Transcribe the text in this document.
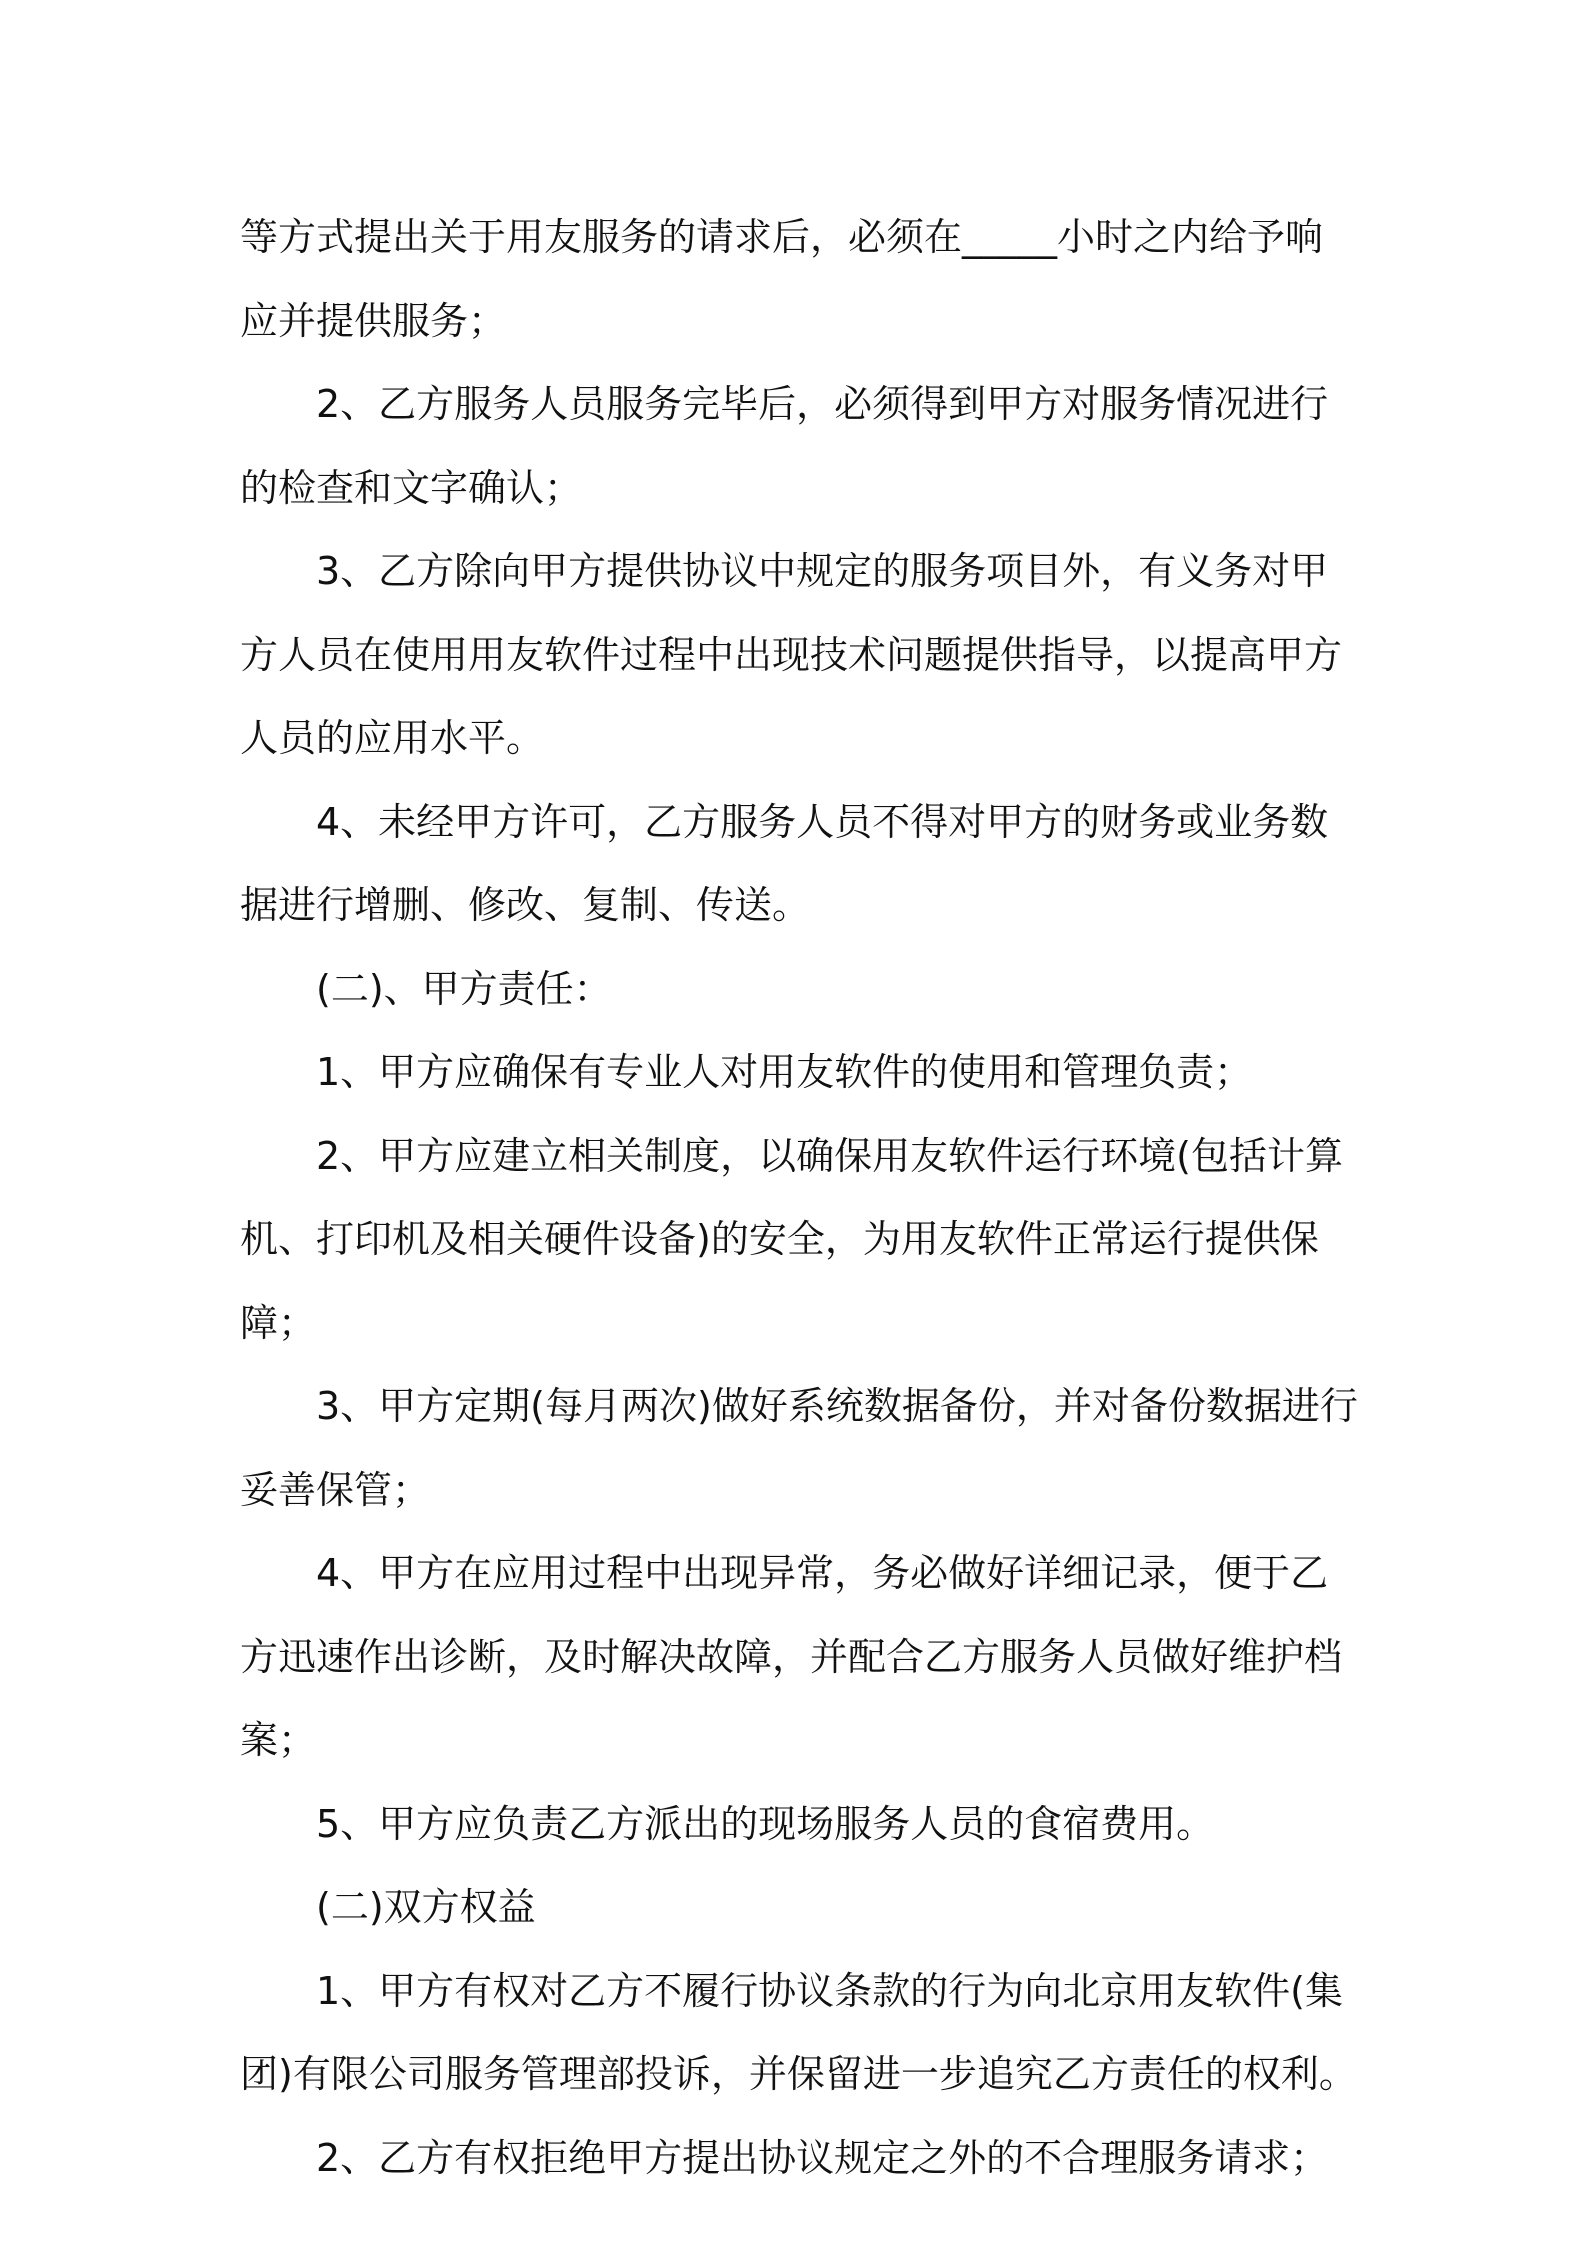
等方式提出关于用友服务的请求后，必须在_____小时之内给予响应并提供服务；

2、乙方服务人员服务完毕后，必须得到甲方对服务情况进行的检查和文字确认；

3、乙方除向甲方提供协议中规定的服务项目外，有义务对甲方人员在使用用友软件过程中出现技术问题提供指导，以提高甲方人员的应用水平。

4、未经甲方许可，乙方服务人员不得对甲方的财务或业务数据进行增删、修改、复制、传送。

(二)、甲方责任：

1、甲方应确保有专业人对用友软件的使用和管理负责；

2、甲方应建立相关制度，以确保用友软件运行环境(包括计算机、打印机及相关硬件设备)的安全，为用友软件正常运行提供保障；

3、甲方定期(每月两次)做好系统数据备份，并对备份数据进行妥善保管；

4、甲方在应用过程中出现异常，务必做好详细记录，便于乙方迅速作出诊断，及时解决故障，并配合乙方服务人员做好维护档案；

5、甲方应负责乙方派出的现场服务人员的食宿费用。

(二)双方权益

1、甲方有权对乙方不履行协议条款的行为向北京用友软件(集团)有限公司服务管理部投诉，并保留进一步追究乙方责任的权利。

2、乙方有权拒绝甲方提出协议规定之外的不合理服务请求；
